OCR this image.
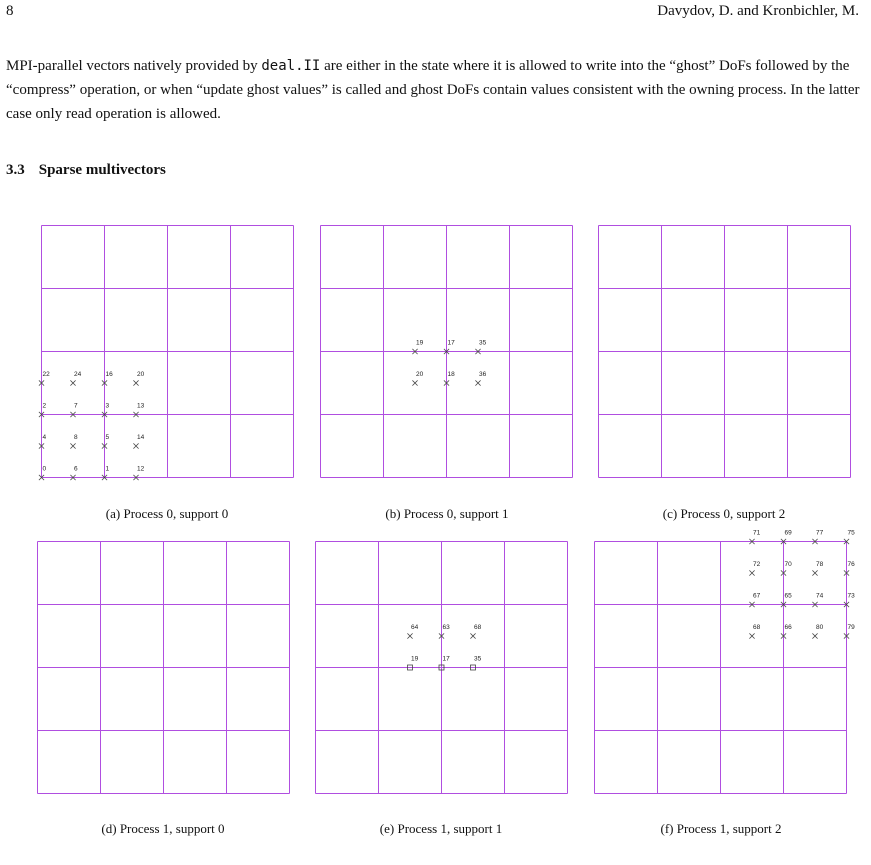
8	Davydov, D. and Kronbichler, M.

MPI-parallel vectors natively provided by deal.II are either in the state where it is allowed to write into the “ghost” DoFs followed by the “compress” operation, or when “update ghost values” is called and ghost DoFs contain values consistent with the owning process. In the latter case only read operation is allowed.

3.3 Sparse multivectors
22	24	16	20
2	7	3	13
4	8	5	14
0	6	1	12
(a) Process 0, support 0
19	17	35
20	18	36
(b) Process 0, support 1	(c) Process 0, support 2
(d) Process 1, support 0
64	63	68
19	17	35
(e) Process 1, support 1
71	69	77	75
72	70	78	76
67	65	74	73
68	66	80	79
(f) Process 1, support 2
